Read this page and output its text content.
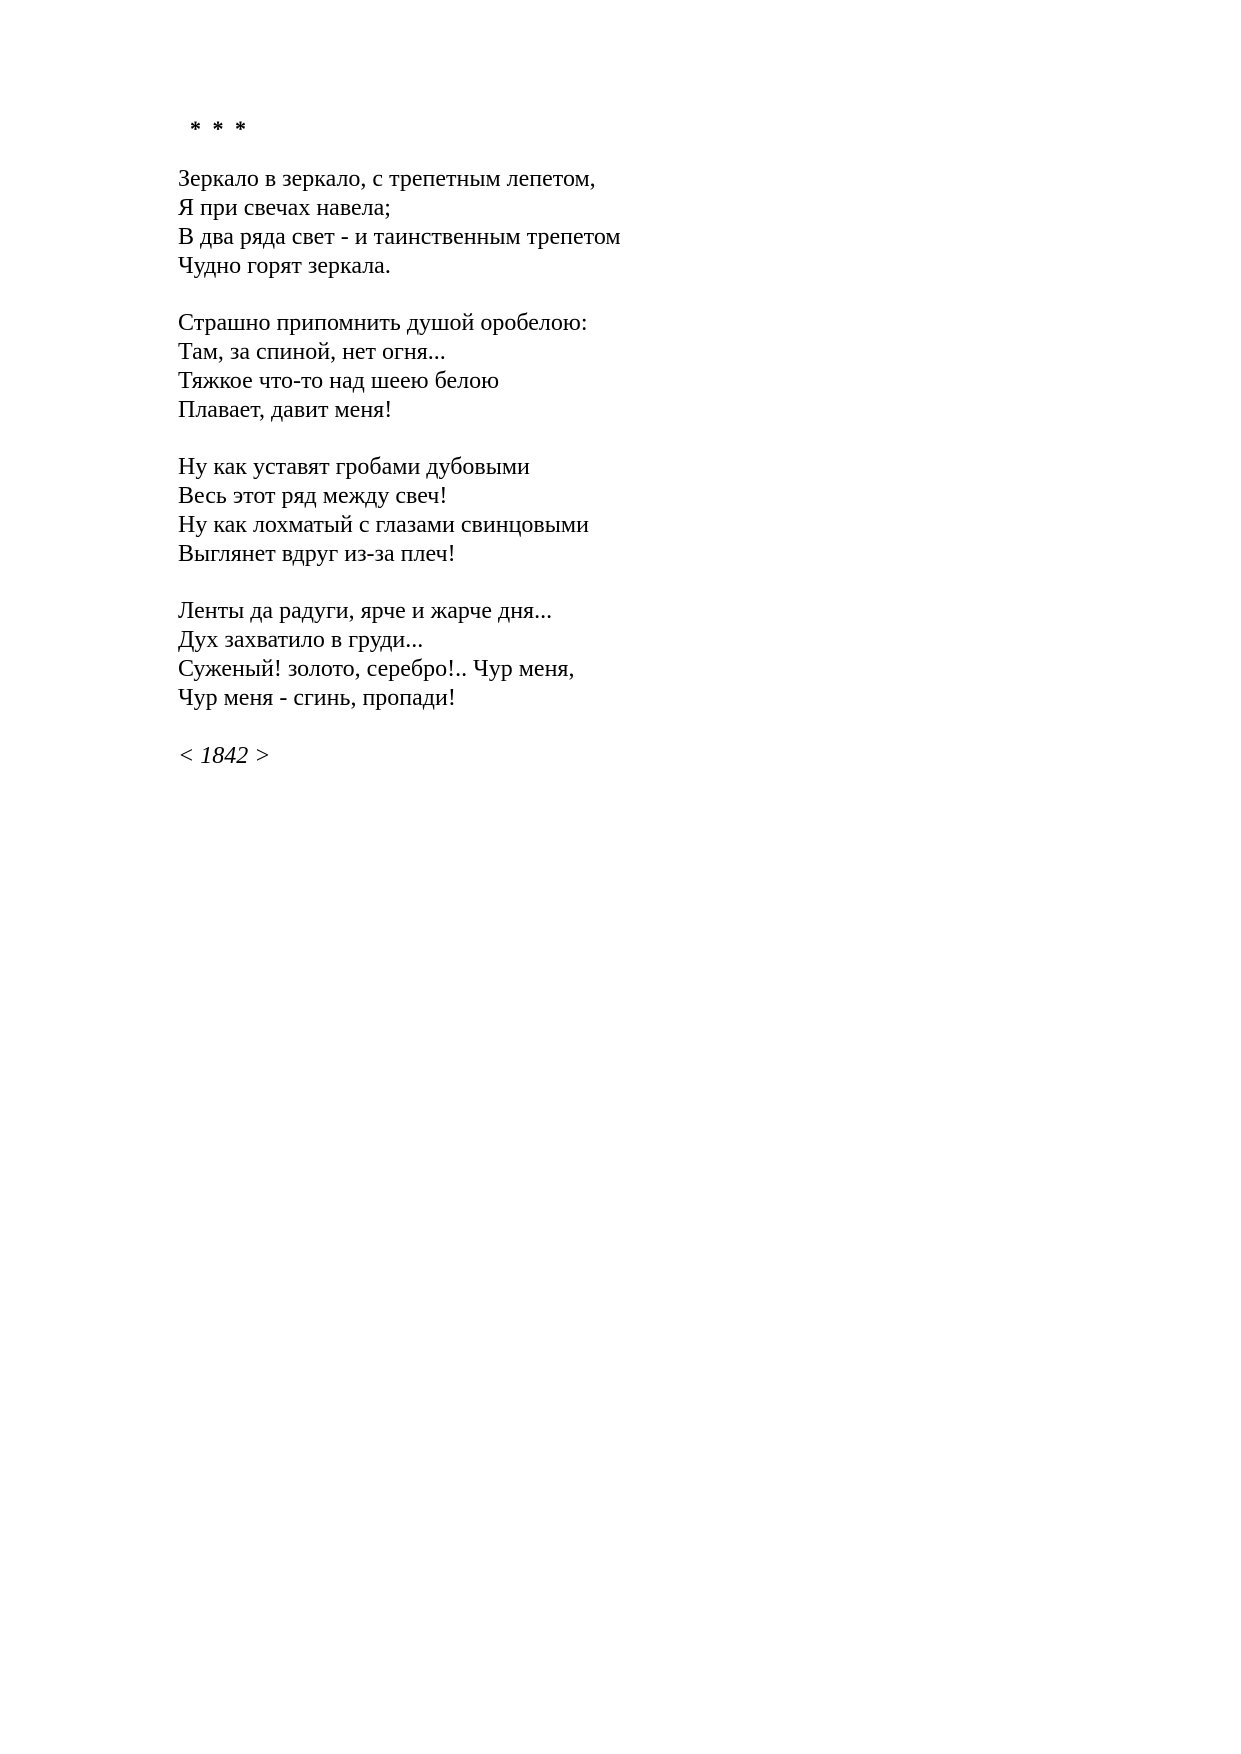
* * *
Зеркало в зеркало, с трепетным лепетом,
Я при свечах навела;
В два ряда свет - и таинственным трепетом
Чудно горят зеркала.
Страшно припомнить душой оробелою:
Там, за спиной, нет огня...
Тяжкое что-то над шеею белою
Плавает, давит меня!
Ну как уставят гробами дубовыми
Весь этот ряд между свеч!
Ну как лохматый с глазами свинцовыми
Выглянет вдруг из-за плеч!
Ленты да радуги, ярче и жарче дня...
Дух захватило в груди...
Суженый! золото, серебро!.. Чур меня,
Чур меня - сгинь, пропади!
< 1842 >
